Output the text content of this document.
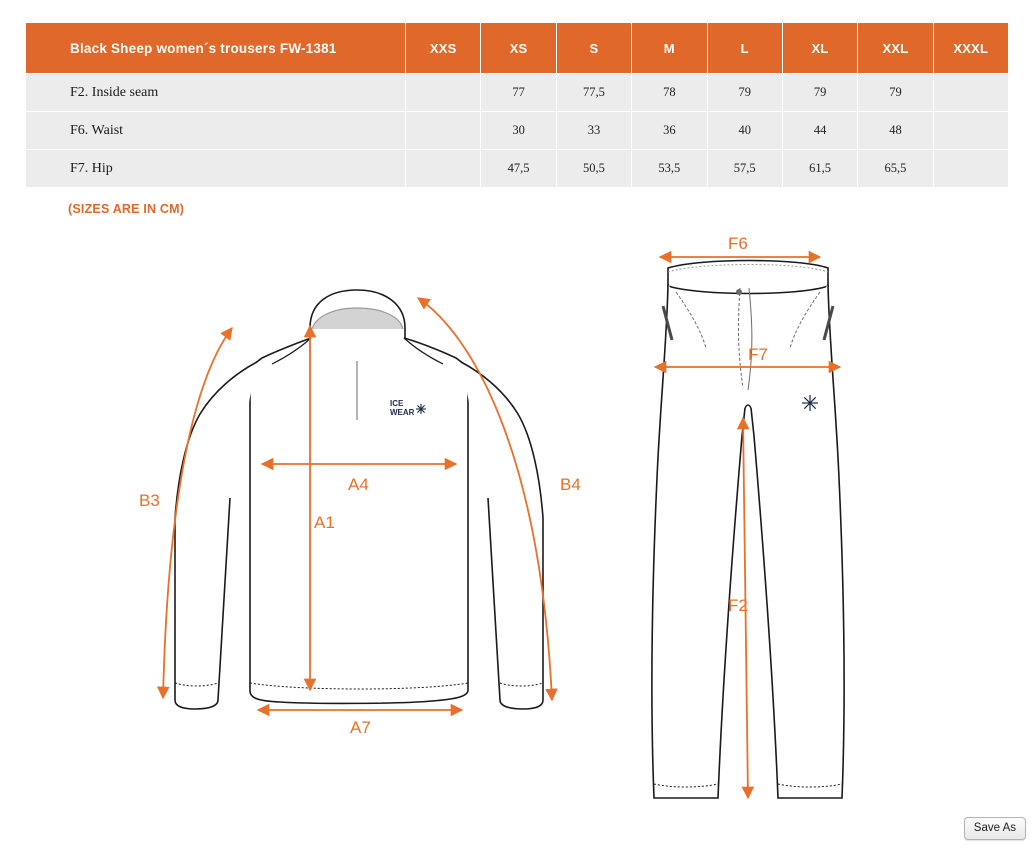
Black Sheep women´s trousers FW-1381	XXS	XS	S	M	L	XL	XXL	XXXL
F2. Inside seam		77	77,5	78	79	79	79	
F6. Waist		30	33	36	40	44	48	
F7. Hip		47,5	50,5	53,5	57,5	61,5	65,5	
(SIZES ARE IN CM)
ICE
WEAR
B3
B4
A4
A1
A7
F6
F7
F2
Save As
